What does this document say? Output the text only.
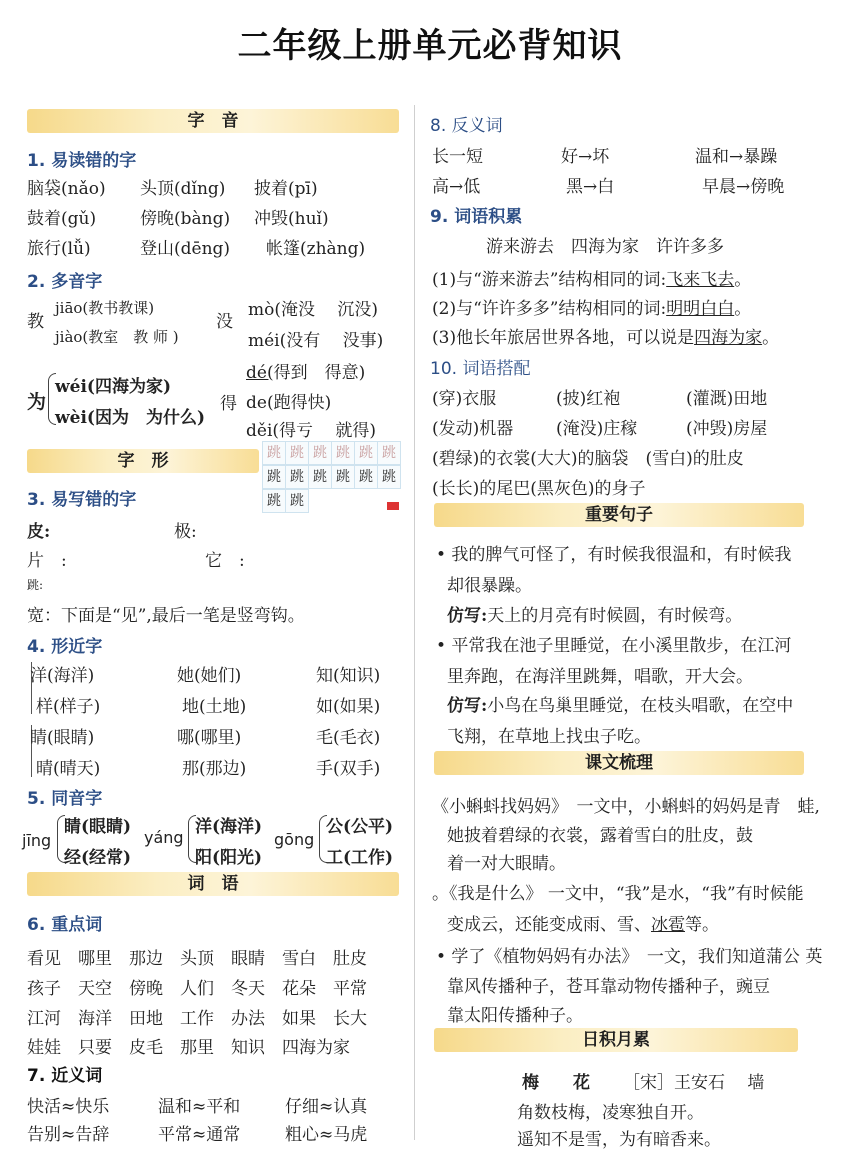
二年级上册单元必背知识
字　音
1. 易读错的字
脑袋(nǎo) 头顶(dǐng) 披着(pī)
鼓着(gǔ)	傍晚(bàng) 冲毁(huǐ)
旅行(lǚ)	登山(dēng) 帐篷(zhàng)
2. 多音字
教
jiāo(教书教课)
jiào(教室　教 师 )
没
mò(淹没　 沉没)
méi(没有　 没事)
为
wéi(四海为家)
wèi(因为　为什么)
得
dé(得到　得意)
de(跑得快)
děi(得亏　 就得)
字　形	跳 跳 跳 跳 跳 跳
跳 跳 跳 跳 跳 跳
跳 跳
3. 易写错的字
皮:	极:
片　:	它　:
跳:
宽：下面是“见”,最后一笔是竖弯钩。
4. 形近字
洋(海洋)	她(她们)	知(知识)
样(样子)	地(土地)	如(如果)
睛(眼睛)	哪(哪里)	毛(毛衣)
晴(晴天)	那(那边)	手(双手)
5. 同音字
jīng
睛(眼睛)
经(经常)
yáng
洋(海洋)
阳(阳光)
gōng
公(公平)
工(工作)
词　语
6. 重点词
看见　哪里　那边　头顶　眼睛　雪白　肚皮
孩子　天空　傍晚　人们　冬天　花朵　平常
江河　海洋　田地　工作　办法　如果　长大
娃娃　只要　皮毛　那里　知识　四海为家
7. 近义词
快活≈快乐	温和≈平和	仔细≈认真
告别≈告辞	平常≈通常	粗心≈马虎
8. 反义词
长一短	好→坏	温和→暴躁
高→低	黑→白	早晨→傍晚
9. 词语积累
游来游去　四海为家　许许多多
(1)与“游来游去”结构相同的词:飞来飞去。
(2)与“许许多多”结构相同的词:明明白白。
(3)他长年旅居世界各地，可以说是四海为家。
10. 词语搭配
(穿)衣服	(披)红袍	(灌溉)田地
(发动)机器	(淹没)庄稼	(冲毁)房屋
(碧绿)的衣裳(大大)的脑袋　(雪白)的肚皮
(长长)的尾巴(黑灰色)的身子
重要句子
• 我的脾气可怪了，有时候我很温和，有时候我
却很暴躁。
仿写:天上的月亮有时候圆，有时候弯。
• 平常我在池子里睡觉，在小溪里散步，在江河
里奔跑，在海洋里跳舞，唱歌，开大会。
仿写:小鸟在鸟巢里睡觉，在枝头唱歌，在空中
飞翔，在草地上找虫子吃。
课文梳理
《小蝌蚪找妈妈》　一文中，小蝌蚪的妈妈是青　蛙,
她披着碧绿的衣裳，露着雪白的肚皮，鼓
着一对大眼睛。
。《我是什么》 一文中，“我”是水，“我”有时候能
变成云，还能变成雨、雪、冰雹等。
• 学了《植物妈妈有办法》　一文，我们知道蒲公 英
靠风传播种子，苍耳靠动物传播种子，豌豆
靠太阳传播种子。
日积月累
梅　　花 ［宋］王安石　 墙
角数枝梅，凌寒独自开。
遥知不是雪，为有暗香来。
